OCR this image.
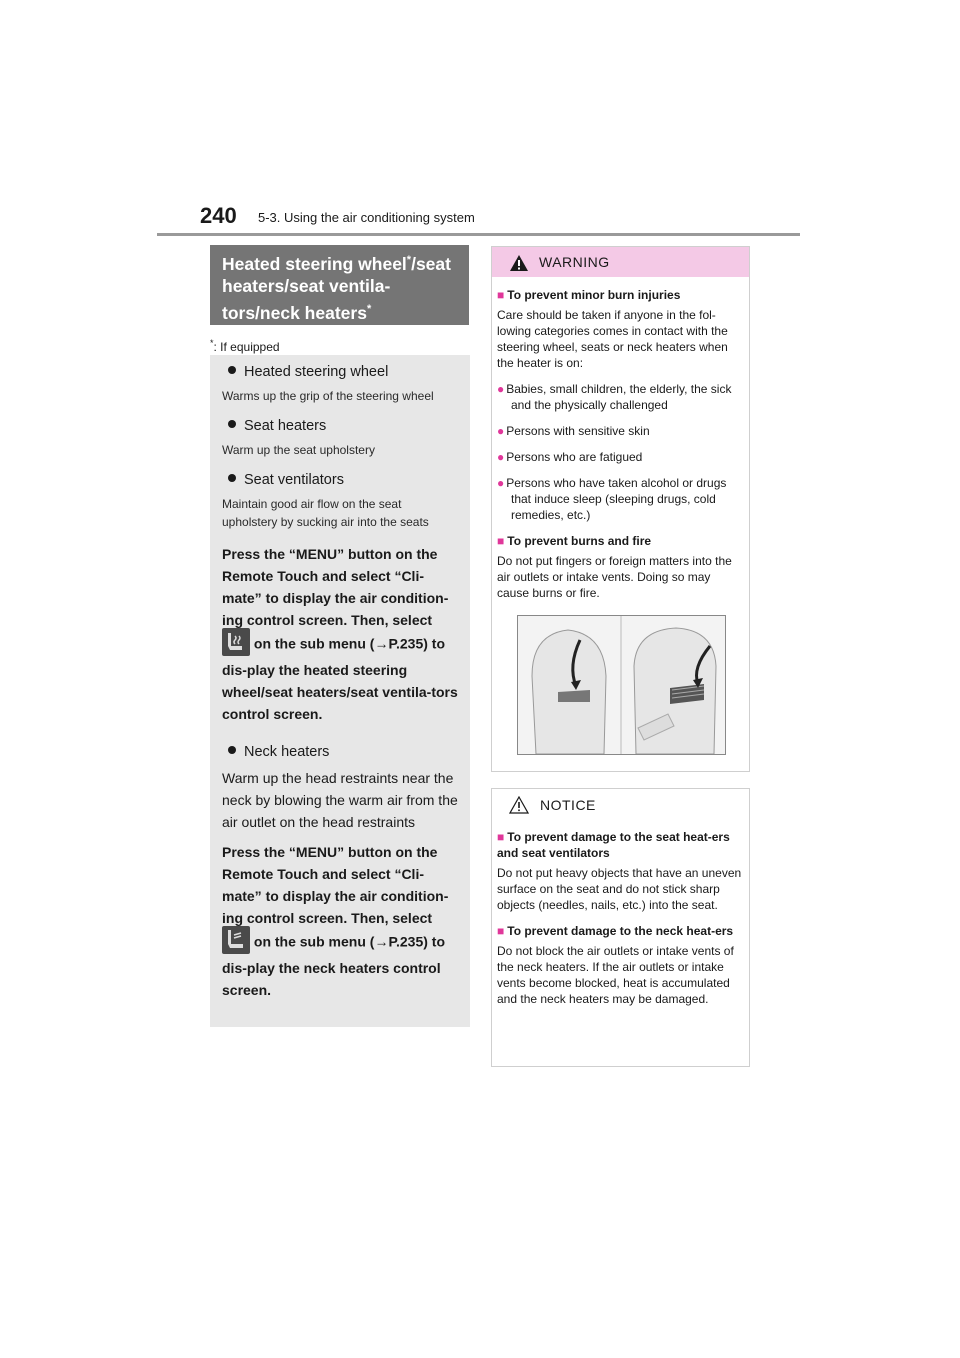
240 5-3. Using the air conditioning system
Heated steering wheel*/seat
heaters/seat ventila-
tors/neck heaters*
*: If equipped

Heated steering wheel

Warms up the grip of the steering wheel

Seat heaters

Warm up the seat upholstery

Seat ventilators

Maintain good air flow on the seat upholstery by sucking air into the seats

Press the “MENU” button on the Remote Touch and select “Cli-mate” to display the air condition-ing control screen. Then, select  on the sub menu (→P.235) to dis-play the heated steering wheel/seat heaters/seat ventila-tors control screen.

Neck heaters

Warm up the head restraints near the neck by blowing the warm air from the air outlet on the head restraints

Press the “MENU” button on the Remote Touch and select “Cli-mate” to display the air condition-ing control screen. Then, select  on the sub menu (→P.235) to dis-play the neck heaters control screen.

WARNING

■ To prevent minor burn injuries

Care should be taken if anyone in the fol-lowing categories comes in contact with the steering wheel, seats or neck heaters when the heater is on:

● Babies, small children, the elderly, the sick and the physically challenged

● Persons with sensitive skin

● Persons who are fatigued

● Persons who have taken alcohol or drugs that induce sleep (sleeping drugs, cold remedies, etc.)

■ To prevent burns and fire

Do not put fingers or foreign matters into the air outlets or intake vents. Doing so may cause burns or fire.

NOTICE

■ To prevent damage to the seat heat-ers and seat ventilators

Do not put heavy objects that have an uneven surface on the seat and do not stick sharp objects (needles, nails, etc.) into the seat.

■ To prevent damage to the neck heat-ers

Do not block the air outlets or intake vents of the neck heaters. If the air outlets or intake vents become blocked, heat is accumulated and the neck heaters may be damaged.
